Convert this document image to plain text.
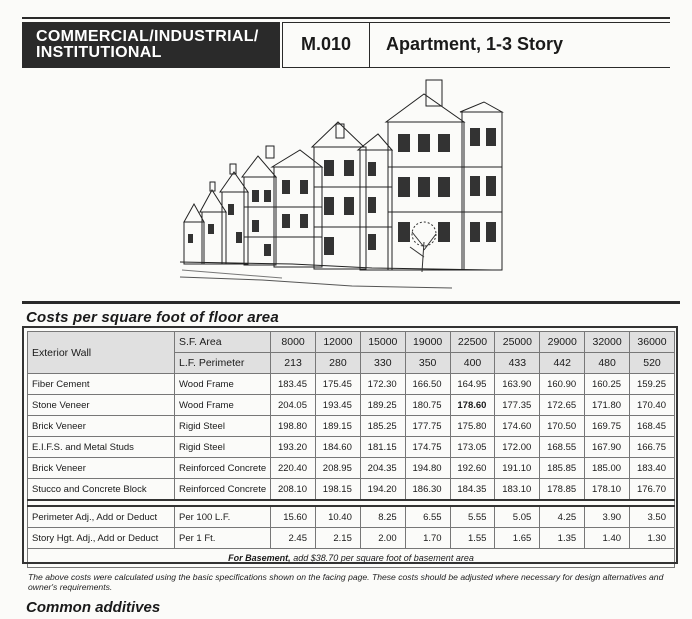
COMMERCIAL/INDUSTRIAL/
INSTITUTIONAL	M.010	Apartment, 1-3 Story
Costs per square foot of floor area
Exterior Wall	S.F. Area	8000	12000	15000	19000	22500	25000	29000	32000	36000
	L.F. Perimeter	213	280	330	350	400	433	442	480	520
Fiber Cement	Wood Frame	183.45	175.45	172.30	166.50	164.95	163.90	160.90	160.25	159.25
Stone Veneer	Wood Frame	204.05	193.45	189.25	180.75	178.60	177.35	172.65	171.80	170.40
Brick Veneer	Rigid Steel	198.80	189.15	185.25	177.75	175.80	174.60	170.50	169.75	168.45
E.I.F.S. and Metal Studs	Rigid Steel	193.20	184.60	181.15	174.75	173.05	172.00	168.55	167.90	166.75
Brick Veneer	Reinforced Concrete	220.40	208.95	204.35	194.80	192.60	191.10	185.85	185.00	183.40
Stucco and Concrete Block	Reinforced Concrete	208.10	198.15	194.20	186.30	184.35	183.10	178.85	178.10	176.70

Perimeter Adj., Add or Deduct	Per 100 L.F.	15.60	10.40	8.25	6.55	5.55	5.05	4.25	3.90	3.50
Story Hgt. Adj., Add or Deduct	Per 1 Ft.	2.45	2.15	2.00	1.70	1.55	1.65	1.35	1.40	1.30
For Basement, add $38.70 per square foot of basement area										
The above costs were calculated using the basic specifications shown on the facing page. These costs should be adjusted where necessary for design alternatives and owner's requirements.
Common additives
